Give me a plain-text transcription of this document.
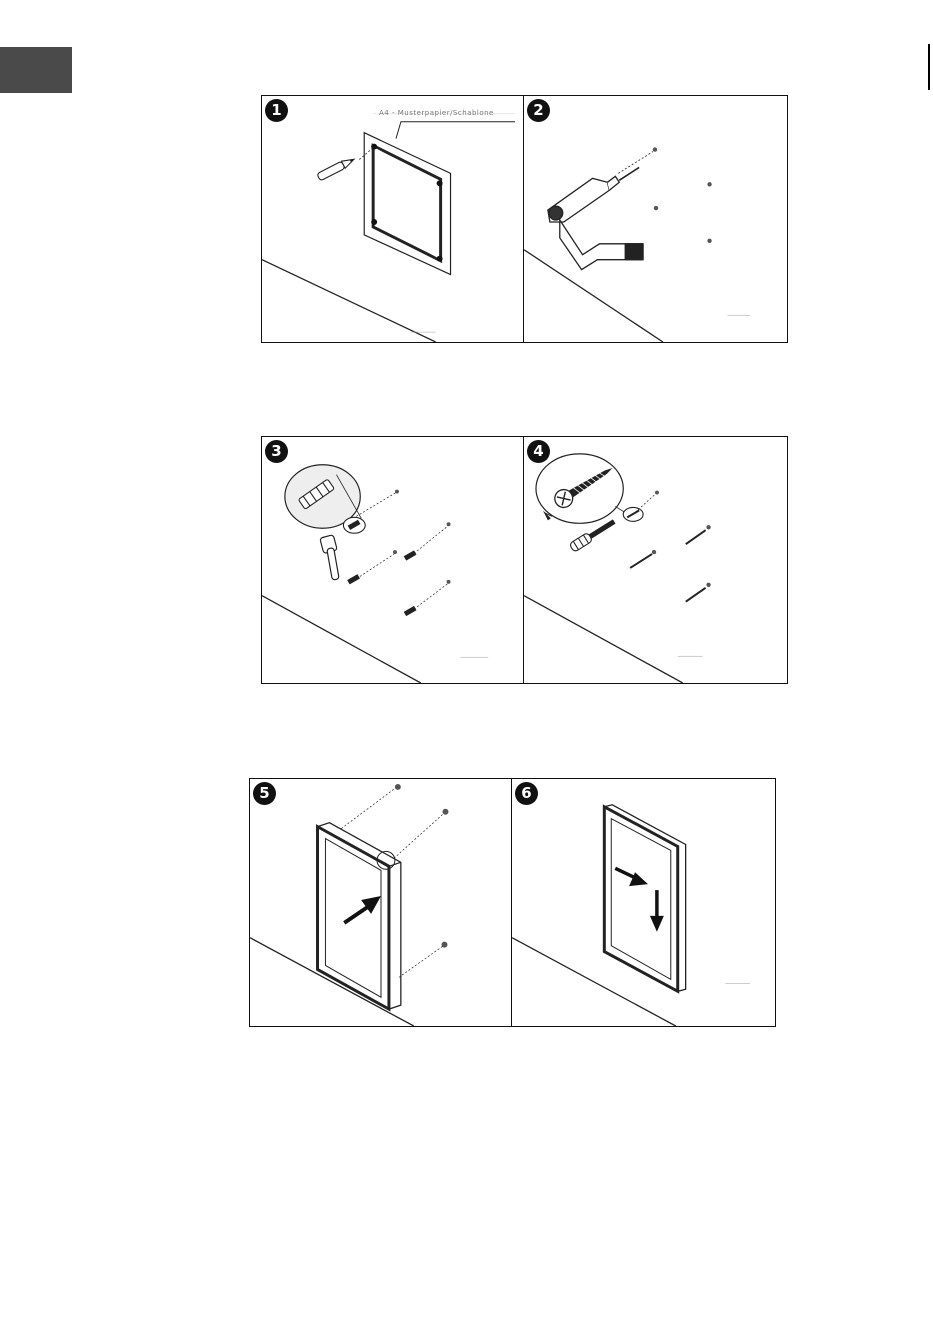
1	A4 - Musterpapier/Schablone	2
3	4
5	6
